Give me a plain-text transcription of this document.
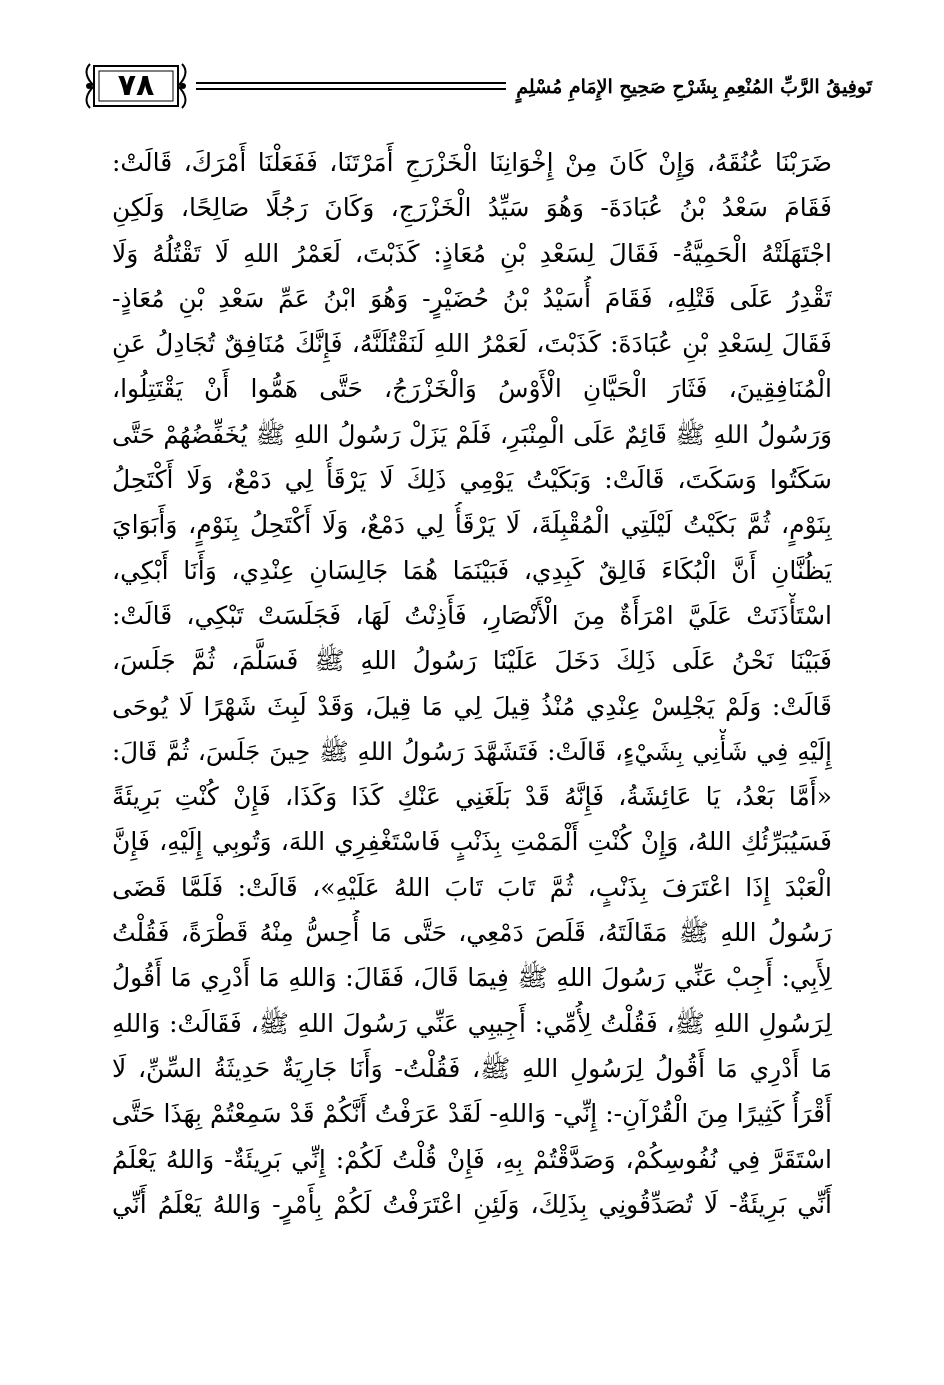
٧٨	تَوفِيقُ الرَّبِّ المُنْعِمِ بِشَرْحِ صَحِيحِ الإِمَامِ مُسْلِمٍ
ضَرَبْنَا عُنُقَهُ، وَإِنْ كَانَ مِنْ إِخْوَانِنَا الْخَزْرَجِ أَمَرْتَنَا، فَفَعَلْنَا أَمْرَكَ، قَالَتْ:
فَقَامَ سَعْدُ بْنُ عُبَادَةَ- وَهُوَ سَيِّدُ الْخَزْرَجِ، وَكَانَ رَجُلًا صَالِحًا، وَلَكِنِ
اجْتَهَلَتْهُ الْحَمِيَّةُ- فَقَالَ لِسَعْدِ بْنِ مُعَاذٍ: كَذَبْتَ، لَعَمْرُ اللهِ لَا تَقْتُلُهُ وَلَا
تَقْدِرُ عَلَى قَتْلِهِ، فَقَامَ أُسَيْدُ بْنُ حُضَيْرٍ- وَهُوَ ابْنُ عَمِّ سَعْدِ بْنِ مُعَاذٍ-
فَقَالَ لِسَعْدِ بْنِ عُبَادَةَ: كَذَبْتَ، لَعَمْرُ اللهِ لَنَقْتُلَنَّهُ، فَإِنَّكَ مُنَافِقٌ تُجَادِلُ عَنِ
الْمُنَافِقِينَ، فَثَارَ الْحَيَّانِ الْأَوْسُ وَالْخَزْرَجُ، حَتَّى هَمُّوا أَنْ يَقْتَتِلُوا،
وَرَسُولُ اللهِ ﷺ قَائِمٌ عَلَى الْمِنْبَرِ، فَلَمْ يَزَلْ رَسُولُ اللهِ ﷺ يُخَفِّضُهُمْ حَتَّى
سَكَتُوا وَسَكَتَ، قَالَتْ: وَبَكَيْتُ يَوْمِي ذَلِكَ لَا يَرْقَأُ لِي دَمْعٌ، وَلَا أَكْتَحِلُ
بِنَوْمٍ، ثُمَّ بَكَيْتُ لَيْلَتِي الْمُقْبِلَةَ، لَا يَرْقَأُ لِي دَمْعٌ، وَلَا أَكْتَحِلُ بِنَوْمٍ، وَأَبَوَايَ
يَظُنَّانِ أَنَّ الْبُكَاءَ فَالِقٌ كَبِدِي، فَبَيْنَمَا هُمَا جَالِسَانِ عِنْدِي، وَأَنَا أَبْكِي،
اسْتَأْذَنَتْ عَلَيَّ امْرَأَةٌ مِنَ الْأَنْصَارِ، فَأَذِنْتُ لَهَا، فَجَلَسَتْ تَبْكِي، قَالَتْ:
فَبَيْنَا نَحْنُ عَلَى ذَلِكَ دَخَلَ عَلَيْنَا رَسُولُ اللهِ ﷺ فَسَلَّمَ، ثُمَّ جَلَسَ،
قَالَتْ: وَلَمْ يَجْلِسْ عِنْدِي مُنْذُ قِيلَ لِي مَا قِيلَ، وَقَدْ لَبِثَ شَهْرًا لَا يُوحَى
إِلَيْهِ فِي شَأْنِي بِشَيْءٍ، قَالَتْ: فَتَشَهَّدَ رَسُولُ اللهِ ﷺ حِينَ جَلَسَ، ثُمَّ قَالَ:
«أَمَّا بَعْدُ، يَا عَائِشَةُ، فَإِنَّهُ قَدْ بَلَغَنِي عَنْكِ كَذَا وَكَذَا، فَإِنْ كُنْتِ بَرِيئَةً
فَسَيُبَرِّئُكِ اللهُ، وَإِنْ كُنْتِ أَلْمَمْتِ بِذَنْبٍ فَاسْتَغْفِرِي اللهَ، وَتُوبِي إِلَيْهِ، فَإِنَّ
الْعَبْدَ إِذَا اعْتَرَفَ بِذَنْبٍ، ثُمَّ تَابَ تَابَ اللهُ عَلَيْهِ»، قَالَتْ: فَلَمَّا قَضَى
رَسُولُ اللهِ ﷺ مَقَالَتَهُ، قَلَصَ دَمْعِي، حَتَّى مَا أُحِسُّ مِنْهُ قَطْرَةً، فَقُلْتُ
لِأَبِي: أَجِبْ عَنِّي رَسُولَ اللهِ ﷺ فِيمَا قَالَ، فَقَالَ: وَاللهِ مَا أَدْرِي مَا أَقُولُ
لِرَسُولِ اللهِ ﷺ، فَقُلْتُ لِأُمِّي: أَجِيبِي عَنِّي رَسُولَ اللهِ ﷺ، فَقَالَتْ: وَاللهِ
مَا أَدْرِي مَا أَقُولُ لِرَسُولِ اللهِ ﷺ، فَقُلْتُ- وَأَنَا جَارِيَةٌ حَدِيثَةُ السِّنِّ، لَا
أَقْرَأُ كَثِيرًا مِنَ الْقُرْآنِ-: إِنِّي- وَاللهِ- لَقَدْ عَرَفْتُ أَنَّكُمْ قَدْ سَمِعْتُمْ بِهَذَا حَتَّى
اسْتَقَرَّ فِي نُفُوسِكُمْ، وَصَدَّقْتُمْ بِهِ، فَإِنْ قُلْتُ لَكُمْ: إِنِّي بَرِيئَةٌ- وَاللهُ يَعْلَمُ
أَنِّي بَرِيئَةٌ- لَا تُصَدِّقُونِي بِذَلِكَ، وَلَئِنِ اعْتَرَفْتُ لَكُمْ بِأَمْرٍ- وَاللهُ يَعْلَمُ أَنِّي
